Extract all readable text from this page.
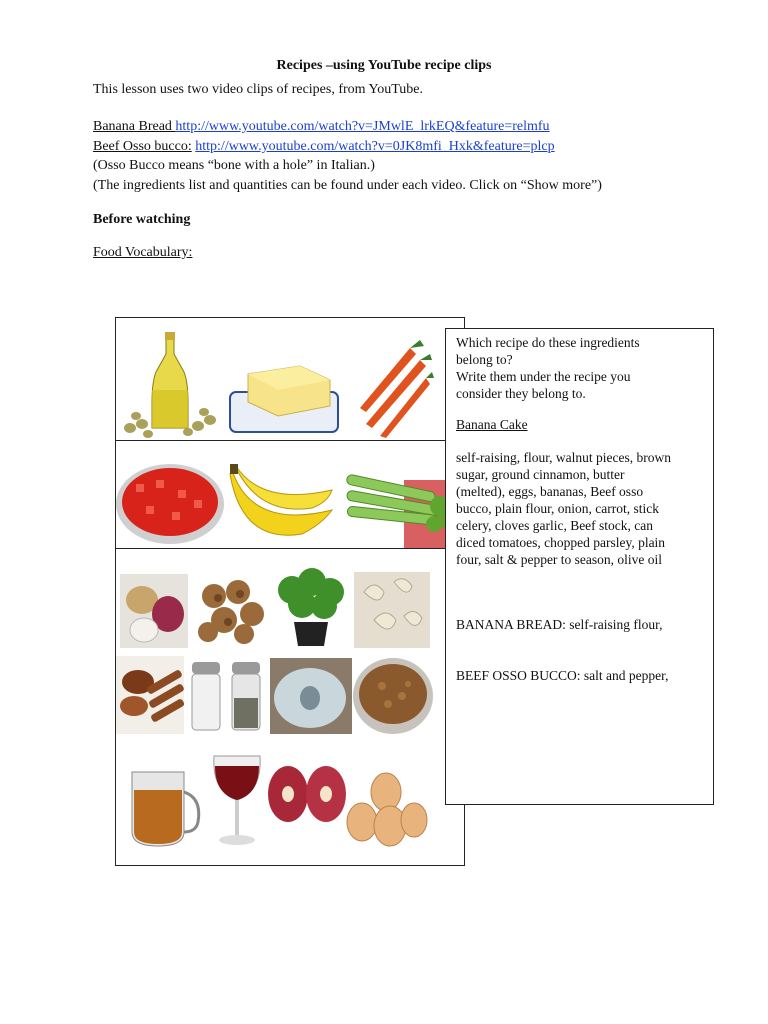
Recipes –using YouTube recipe clips
This lesson uses two video clips of recipes, from YouTube.
Banana Bread http://www.youtube.com/watch?v=JMwlE_lrkEQ&feature=relmfu
Beef Osso bucco: http://www.youtube.com/watch?v=0JK8mfi_Hxk&feature=plcp
(Osso Bucco means “bone with a hole” in Italian.)
(The ingredients list and quantities can be found under each video. Click on “Show more”)
Before watching
Food Vocabulary:
Which recipe do these ingredients
belong to?
Write them under the recipe you
consider they belong to.
Banana Cake
self-raising, flour, walnut pieces, brown
sugar, ground cinnamon, butter
(melted), eggs, bananas, Beef osso
bucco, plain flour, onion, carrot, stick
celery, cloves garlic, Beef stock, can
diced tomatoes, chopped parsley, plain
four, salt & pepper to season, olive oil
BANANA BREAD: self-raising flour,
BEEF OSSO BUCCO: salt and pepper,
